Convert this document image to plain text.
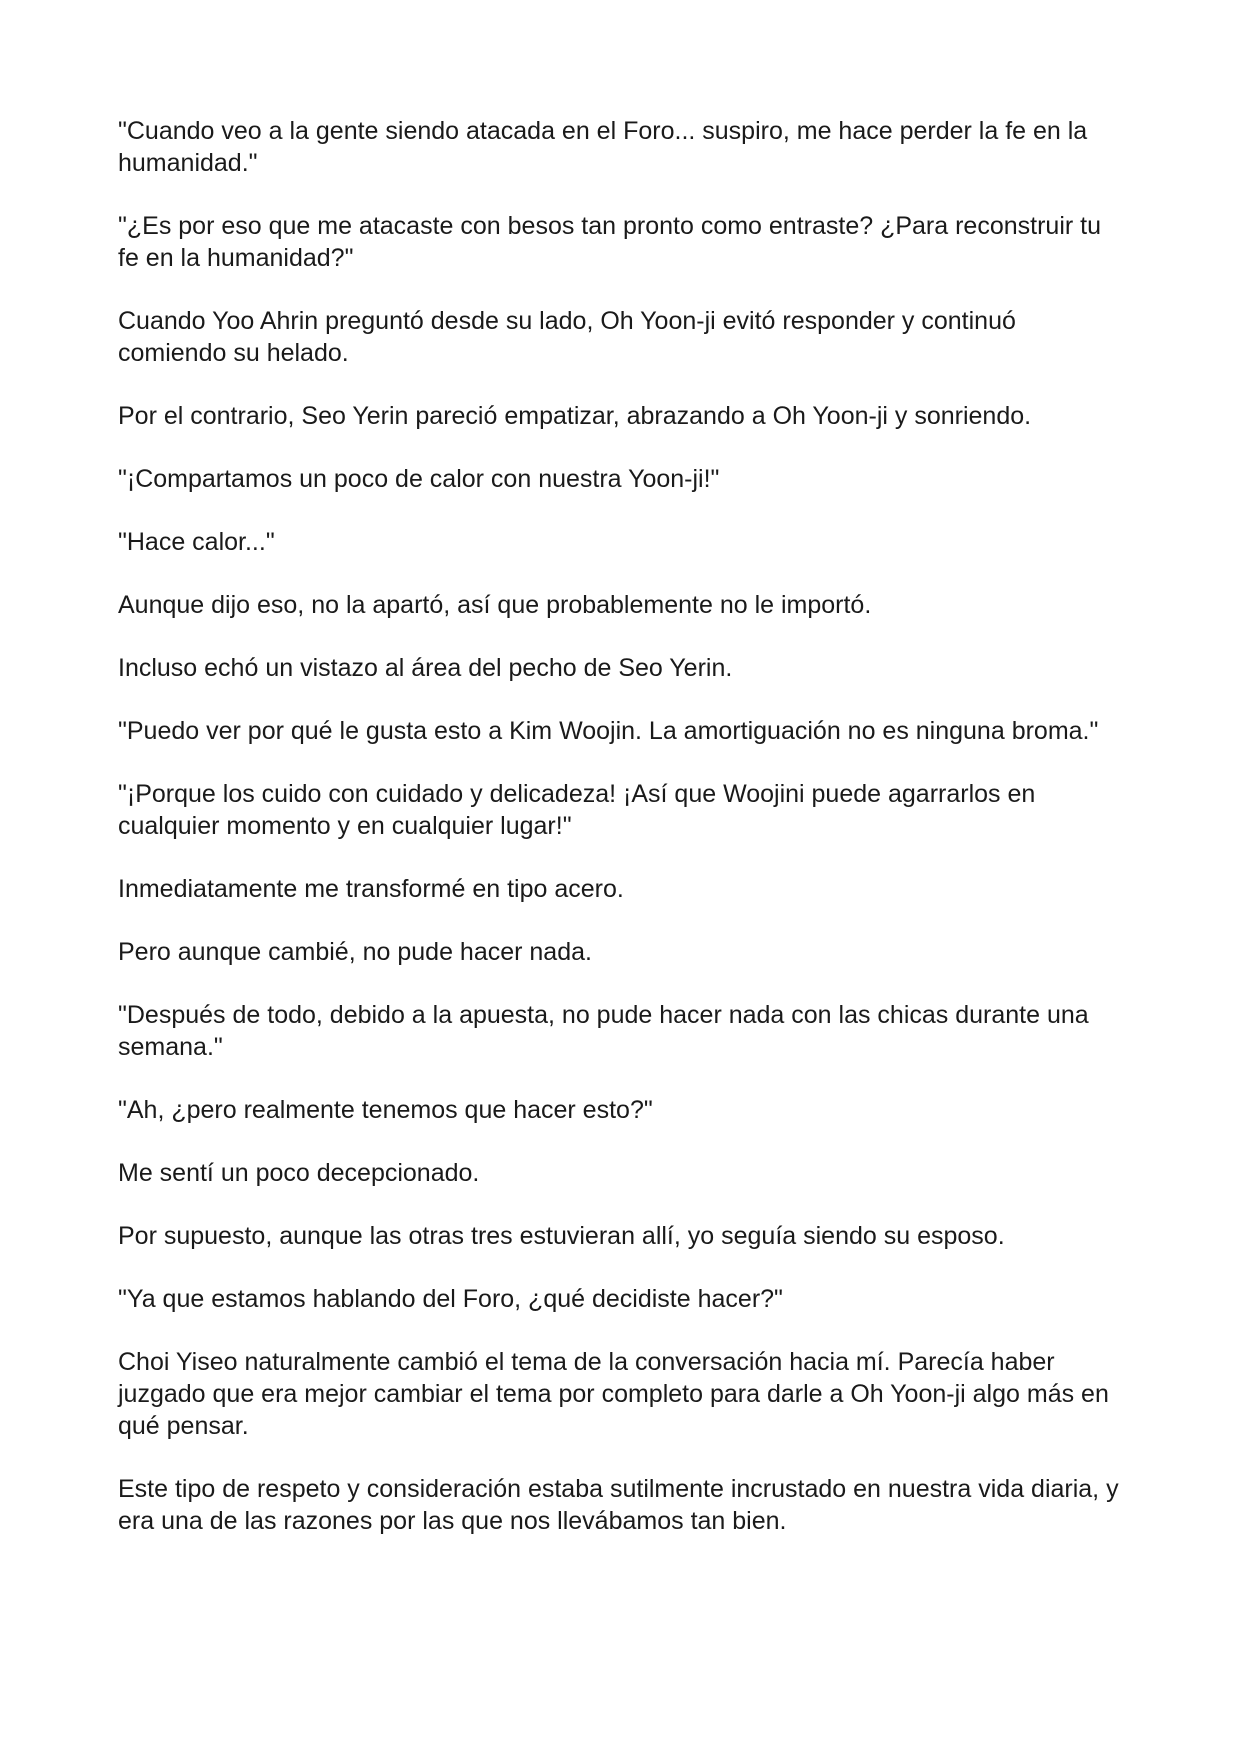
"Cuando veo a la gente siendo atacada en el Foro... suspiro, me hace perder la fe en la humanidad."

"¿Es por eso que me atacaste con besos tan pronto como entraste? ¿Para reconstruir tu fe en la humanidad?"

Cuando Yoo Ahrin preguntó desde su lado, Oh Yoon-ji evitó responder y continuó comiendo su helado.

Por el contrario, Seo Yerin pareció empatizar, abrazando a Oh Yoon-ji y sonriendo.

"¡Compartamos un poco de calor con nuestra Yoon-ji!"

"Hace calor..."

Aunque dijo eso, no la apartó, así que probablemente no le importó.

Incluso echó un vistazo al área del pecho de Seo Yerin.

"Puedo ver por qué le gusta esto a Kim Woojin. La amortiguación no es ninguna broma."

"¡Porque los cuido con cuidado y delicadeza! ¡Así que Woojini puede agarrarlos en cualquier momento y en cualquier lugar!"

Inmediatamente me transformé en tipo acero.

Pero aunque cambié, no pude hacer nada.

"Después de todo, debido a la apuesta, no pude hacer nada con las chicas durante una semana."

"Ah, ¿pero realmente tenemos que hacer esto?"

Me sentí un poco decepcionado.

Por supuesto, aunque las otras tres estuvieran allí, yo seguía siendo su esposo.

"Ya que estamos hablando del Foro, ¿qué decidiste hacer?"

Choi Yiseo naturalmente cambió el tema de la conversación hacia mí. Parecía haber juzgado que era mejor cambiar el tema por completo para darle a Oh Yoon-ji algo más en qué pensar.

Este tipo de respeto y consideración estaba sutilmente incrustado en nuestra vida diaria, y era una de las razones por las que nos llevábamos tan bien.
